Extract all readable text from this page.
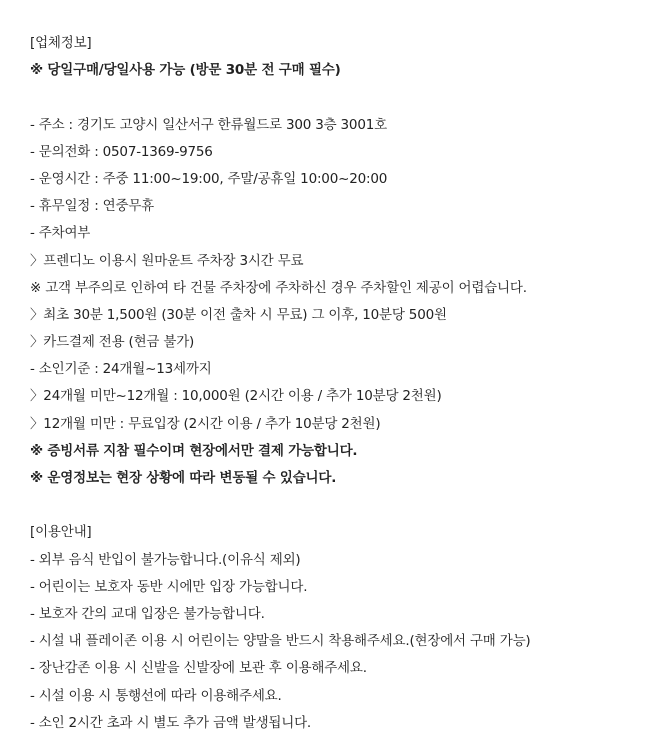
[업체정보]
※ 당일구매/당일사용 가능 (방문 30분 전 구매 필수)
- 주소 : 경기도 고양시 일산서구 한류월드로 300 3층 3001호
- 문의전화 : 0507-1369-9756
- 운영시간 : 주중 11:00~19:00, 주말/공휴일 10:00~20:00
- 휴무일정 : 연중무휴
- 주차여부
〉프렌디노 이용시 원마운트 주차장 3시간 무료
※ 고객 부주의로 인하여 타 건물 주차장에 주차하신 경우 주차할인 제공이 어렵습니다.
〉최초 30분 1,500원 (30분 이전 출차 시 무료) 그 이후, 10분당 500원
〉카드결제 전용 (현금 불가)
- 소인기준 : 24개월~13세까지
〉24개월 미만~12개월 : 10,000원 (2시간 이용 / 추가 10분당 2천원)
〉12개월 미만 : 무료입장 (2시간 이용 / 추가 10분당 2천원)
※ 증빙서류 지참 필수이며 현장에서만 결제 가능합니다.
※ 운영정보는 현장 상황에 따라 변동될 수 있습니다.
[이용안내]
- 외부 음식 반입이 불가능합니다.(이유식 제외)
- 어린이는 보호자 동반 시에만 입장 가능합니다.
- 보호자 간의 교대 입장은 불가능합니다.
- 시설 내 플레이존 이용 시 어린이는 양말을 반드시 착용해주세요.(현장에서 구매 가능)
- 장난감존 이용 시 신발을 신발장에 보관 후 이용해주세요.
- 시설 이용 시 통행선에 따라 이용해주세요.
- 소인 2시간 초과 시 별도 추가 금액 발생됩니다.
